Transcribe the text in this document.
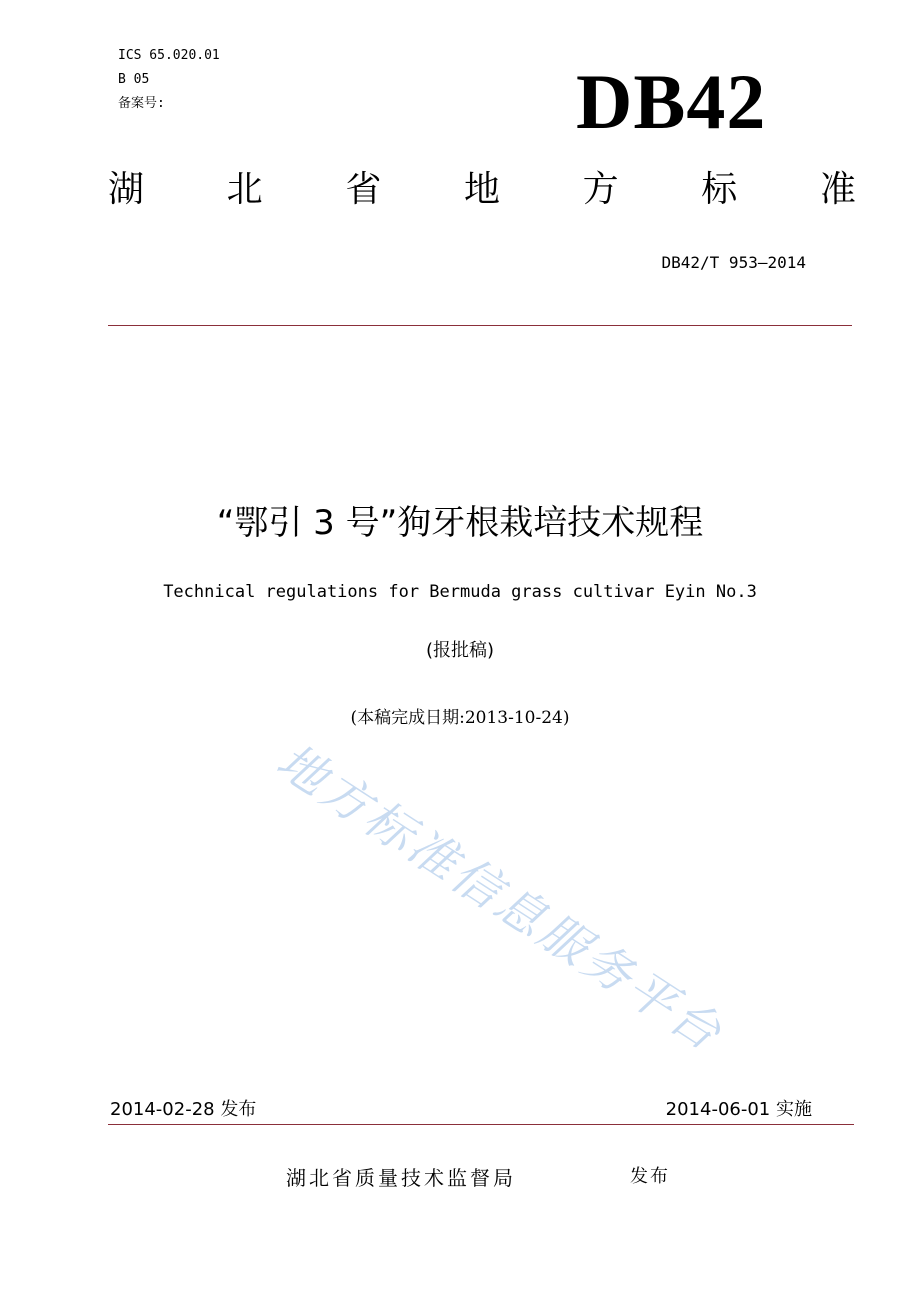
ICS 65.020.01
B 05
备案号:	DB42
湖 北 省 地 方 标 准
DB42/T 953—2014
“鄂引 3 号”狗牙根栽培技术规程
Technical regulations for Bermuda grass cultivar Eyin No.3
(报批稿)
(本稿完成日期:2013-10-24)
地方标准信息服务平台
2014-02-28 发布	2014-06-01 实施
湖北省质量技术监督局	发布
